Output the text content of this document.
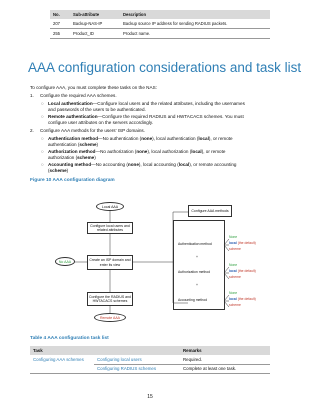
No.	Sub-attribute	Description
207	Backup-NAS-IP	Backup source IP address for sending RADIUS packets.
255	Product_ID	Product name.
AAA configuration considerations and task list
To configure AAA, you must complete these tasks on the NAS:
1. Configure the required AAA schemes.
○ Local authentication—Configure local users and the related attributes, including the usernames
and passwords of the users to be authenticated.
○ Remote authentication—Configure the required RADIUS and HWTACACS schemes. You must
configure user attributes on the servers accordingly.
2. Configure AAA methods for the users' ISP domains.
○ Authentication method—No authentication (none), local authentication (local), or remote
authentication (scheme)
○ Authorization method—No authorization (none), local authorization (local), or remote
authorization (scheme)
○ Accounting method—No accounting (none), local accounting (local), or remote accounting
(scheme)
Figure 10 AAA configuration diagram
Local AAA
Configure local users and related attributes
No AAA	Create an ISP domain and enter its view
Configure the RADIUS and HWTACACS schemes
Remote AAA
Configure AAA methods
Authentication method
+
Authorization method
+
Accounting method
None
local (the default)
scheme
None
local (the default)
scheme
None
local (the default)
scheme
Table 4 AAA configuration task list
Task		Remarks
Configuring AAA schemes	Configuring local users	Required.
	Configuring RADIUS schemes	Complete at least one task.
15
